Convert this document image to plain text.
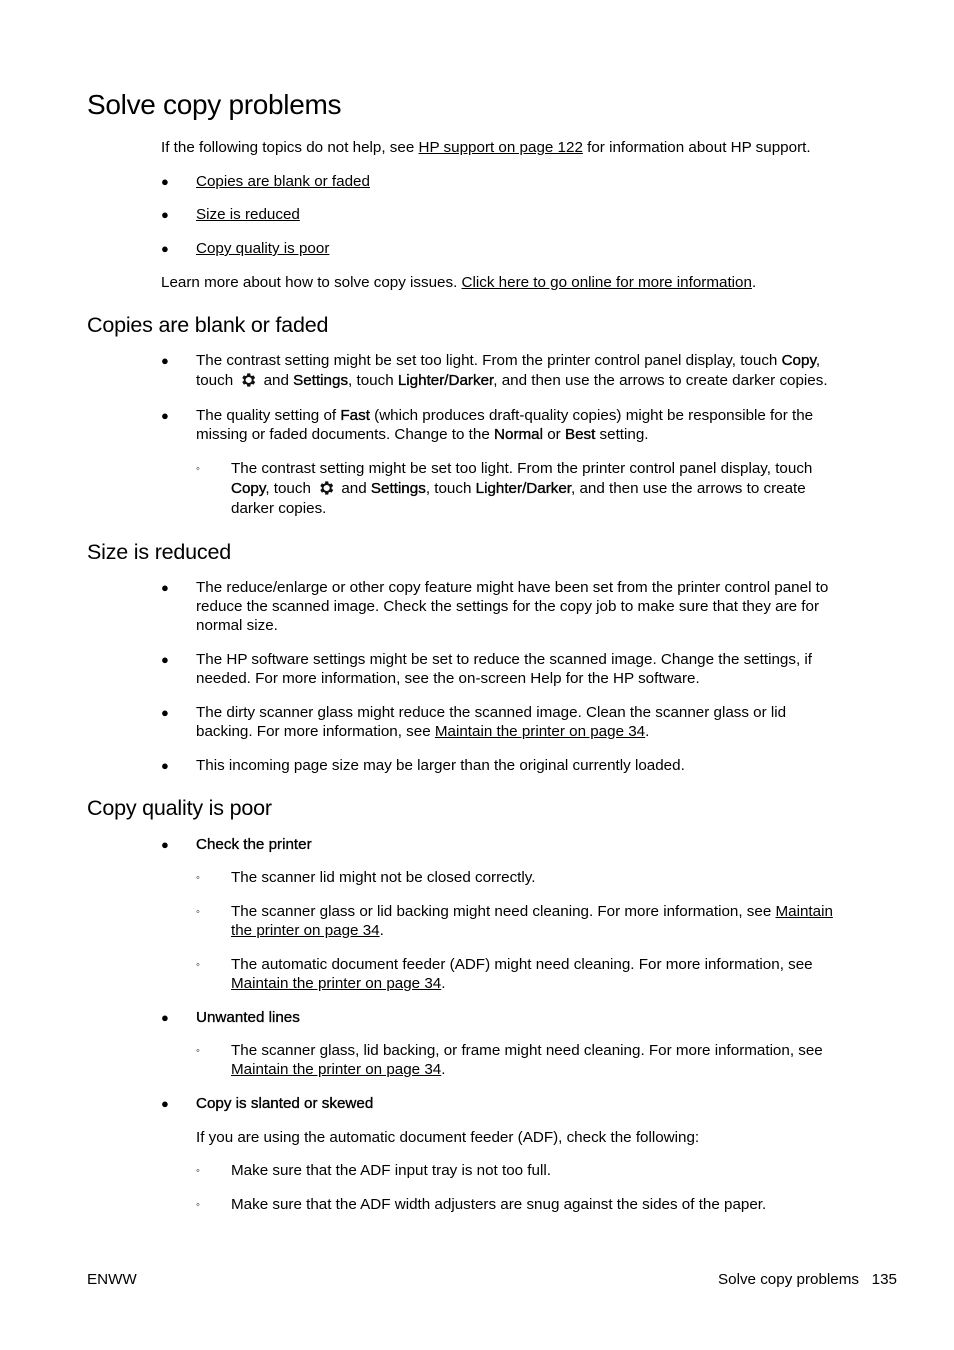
Solve copy problems
If the following topics do not help, see HP support on page 122 for information about HP support.
● Copies are blank or faded
● Size is reduced
● Copy quality is poor
Learn more about how to solve copy issues. Click here to go online for more information.
Copies are blank or faded
● The contrast setting might be set too light. From the printer control panel display, touch Copy,
touch  and Settings, touch Lighter/Darker, and then use the arrows to create darker copies.
● The quality setting of Fast (which produces draft-quality copies) might be responsible for the
missing or faded documents. Change to the Normal or Best setting.
◦ The contrast setting might be set too light. From the printer control panel display, touch
Copy, touch  and Settings, touch Lighter/Darker, and then use the arrows to create
darker copies.
Size is reduced
● The reduce/enlarge or other copy feature might have been set from the printer control panel to
reduce the scanned image. Check the settings for the copy job to make sure that they are for
normal size.
● The HP software settings might be set to reduce the scanned image. Change the settings, if
needed. For more information, see the on-screen Help for the HP software.
● The dirty scanner glass might reduce the scanned image. Clean the scanner glass or lid
backing. For more information, see Maintain the printer on page 34.
● This incoming page size may be larger than the original currently loaded.
Copy quality is poor
● Check the printer
◦ The scanner lid might not be closed correctly.
◦ The scanner glass or lid backing might need cleaning. For more information, see Maintain
the printer on page 34.
◦ The automatic document feeder (ADF) might need cleaning. For more information, see
Maintain the printer on page 34.
● Unwanted lines
◦ The scanner glass, lid backing, or frame might need cleaning. For more information, see
Maintain the printer on page 34.
● Copy is slanted or skewed
If you are using the automatic document feeder (ADF), check the following:
◦ Make sure that the ADF input tray is not too full.
◦ Make sure that the ADF width adjusters are snug against the sides of the paper.
ENWW	Solve copy problems 135
